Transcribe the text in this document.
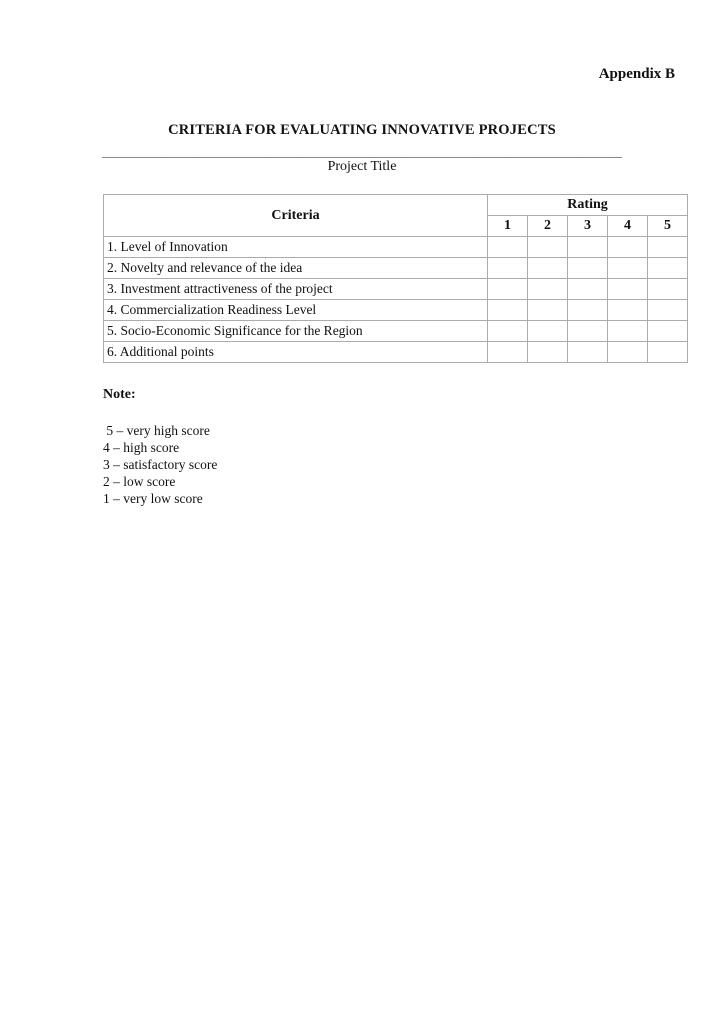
Appendix B

CRITERIA FOR EVALUATING INNOVATIVE PROJECTS
________________________________________________________________________________

Project Title

Criteria	Rating				
	1	2	3	4	5
1. Level of Innovation					
2. Novelty and relevance of the idea					
3. Investment attractiveness of the project					
4. Commercialization Readiness Level					
5. Socio-Economic Significance for the Region					
6. Additional points					

Note:

5 – very high score
4 – high score
3 – satisfactory score
2 – low score
1 – very low score
